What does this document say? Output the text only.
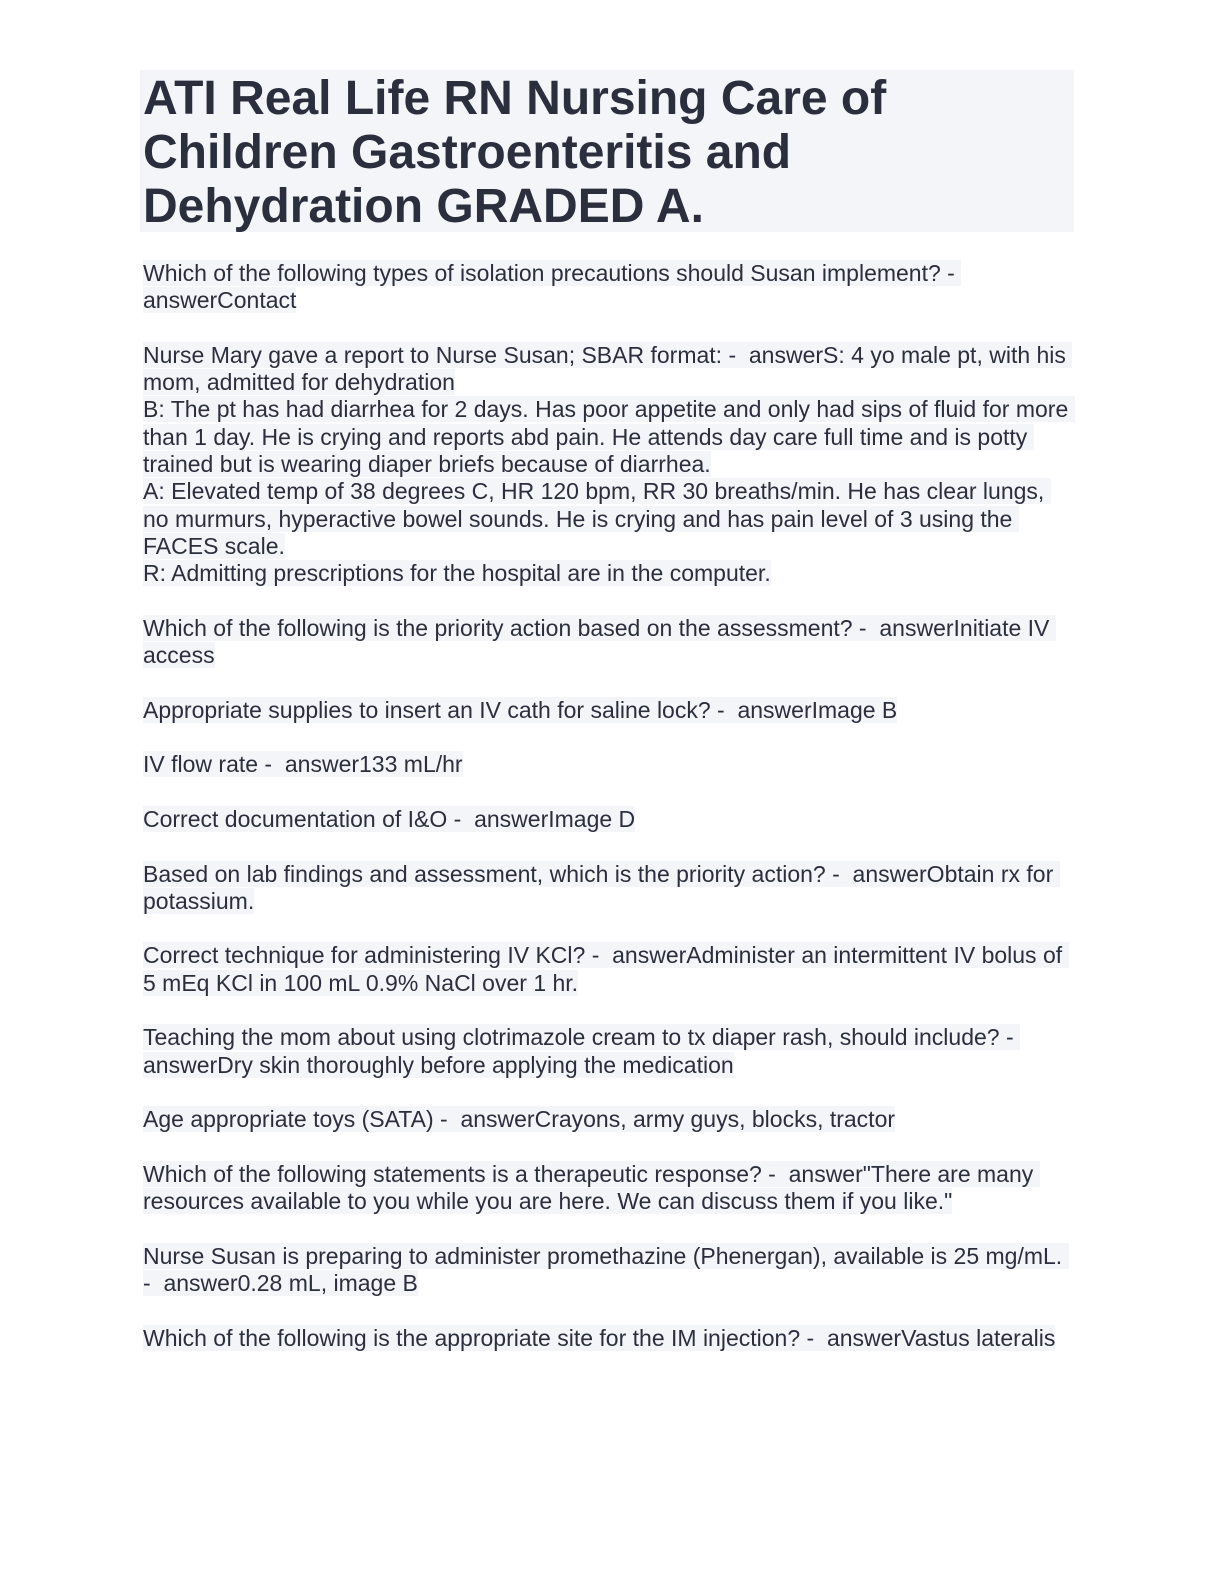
ATI Real Life RN Nursing Care of Children Gastroenteritis and Dehydration GRADED A.

Which of the following types of isolation precautions should Susan implement? - answerContact

Nurse Mary gave a report to Nurse Susan; SBAR format: -  answerS: 4 yo male pt, with his mom, admitted for dehydration
B: The pt has had diarrhea for 2 days. Has poor appetite and only had sips of fluid for more than 1 day. He is crying and reports abd pain. He attends day care full time and is potty trained but is wearing diaper briefs because of diarrhea.
A: Elevated temp of 38 degrees C, HR 120 bpm, RR 30 breaths/min. He has clear lungs, no murmurs, hyperactive bowel sounds. He is crying and has pain level of 3 using the FACES scale.
R: Admitting prescriptions for the hospital are in the computer.

Which of the following is the priority action based on the assessment? -  answerInitiate IV access

Appropriate supplies to insert an IV cath for saline lock? -  answerImage B

IV flow rate -  answer133 mL/hr

Correct documentation of I&O -  answerImage D

Based on lab findings and assessment, which is the priority action? -  answerObtain rx for potassium.

Correct technique for administering IV KCl? -  answerAdminister an intermittent IV bolus of 5 mEq KCl in 100 mL 0.9% NaCl over 1 hr.

Teaching the mom about using clotrimazole cream to tx diaper rash, should include? - answerDry skin thoroughly before applying the medication

Age appropriate toys (SATA) -  answerCrayons, army guys, blocks, tractor

Which of the following statements is a therapeutic response? -  answer"There are many resources available to you while you are here. We can discuss them if you like."

Nurse Susan is preparing to administer promethazine (Phenergan), available is 25 mg/mL. -  answer0.28 mL, image B

Which of the following is the appropriate site for the IM injection? -  answerVastus lateralis
